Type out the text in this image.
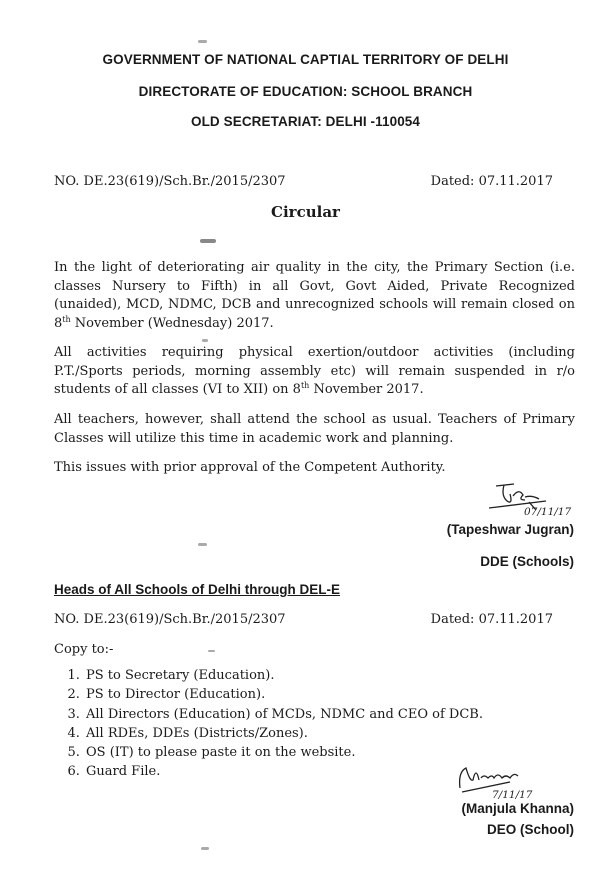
GOVERNMENT OF NATIONAL CAPTIAL TERRITORY OF DELHI
DIRECTORATE OF EDUCATION: SCHOOL BRANCH
OLD SECRETARIAT: DELHI -110054
NO. DE.23(619)/Sch.Br./2015/2307	Dated: 07.11.2017
Circular
In the light of deteriorating air quality in the city, the Primary Section (i.e. classes Nursery to Fifth) in all Govt, Govt Aided, Private Recognized (unaided), MCD, NDMC, DCB and unrecognized schools will remain closed on 8th November (Wednesday) 2017.
All activities requiring physical exertion/outdoor activities (including P.T./Sports periods, morning assembly etc) will remain suspended in r/o students of all classes (VI to XII) on 8th November 2017.
All teachers, however, shall attend the school as usual. Teachers of Primary Classes will utilize this time in academic work and planning.
This issues with prior approval of the Competent Authority.
07/11/17
(Tapeshwar Jugran)
DDE (Schools)
Heads of All Schools of Delhi through DEL-E
NO. DE.23(619)/Sch.Br./2015/2307	Dated: 07.11.2017
Copy to:-
1. PS to Secretary (Education).
2. PS to Director (Education).
3. All Directors (Education) of MCDs, NDMC and CEO of DCB.
4. All RDEs, DDEs (Districts/Zones).
5. OS (IT) to please paste it on the website.
6. Guard File.
7/11/17
(Manjula Khanna)
DEO (School)
